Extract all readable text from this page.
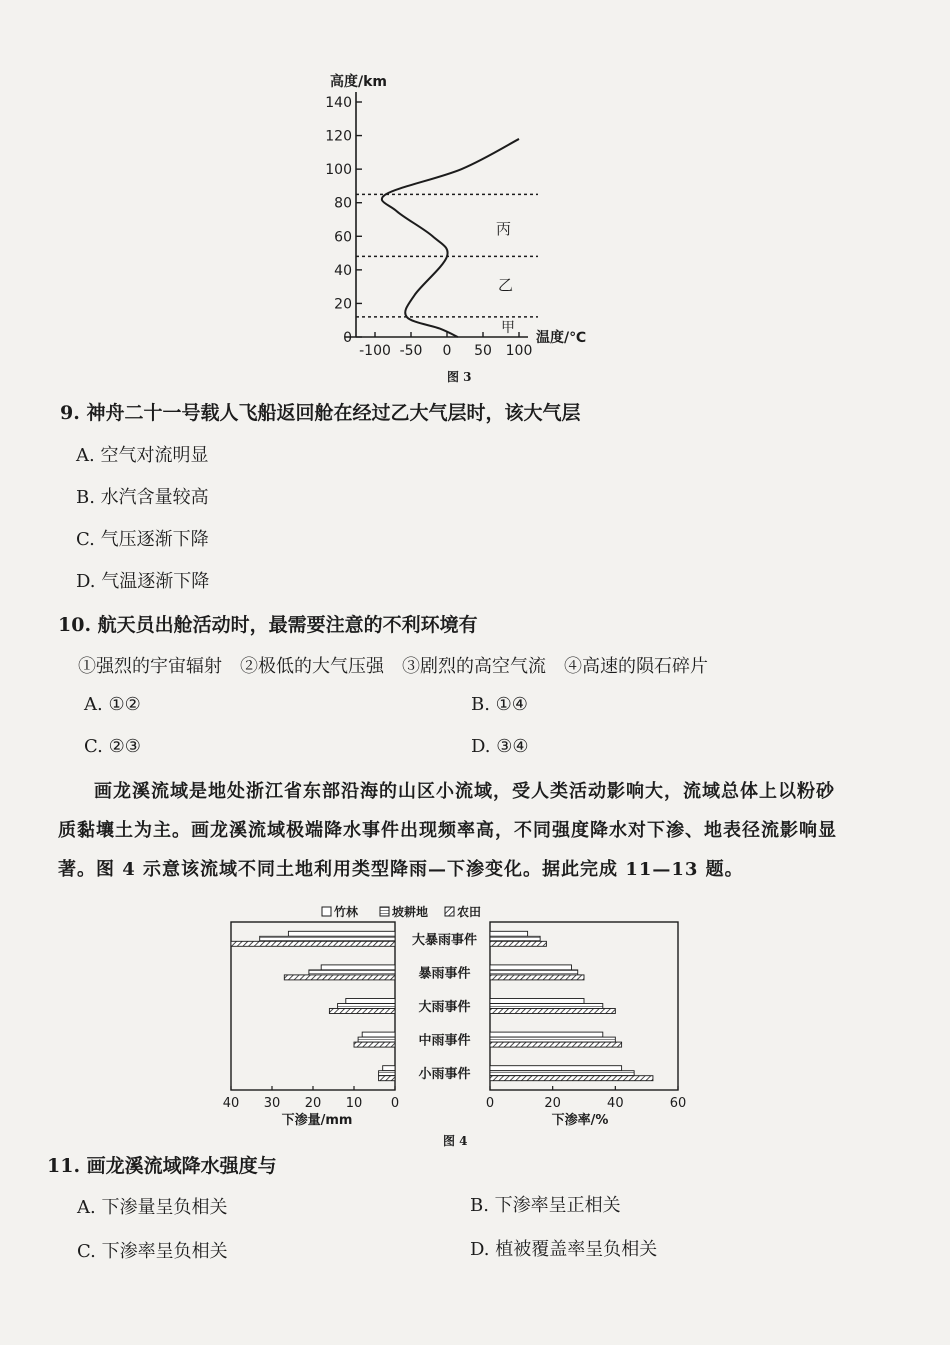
高度/km
140
120
100
80
60
40
20
0
-100 -50 0 50 100
丙
乙
甲
温度/℃
图 3
9. 神舟二十一号载人飞船返回舱在经过乙大气层时，该大气层
A. 空气对流明显
B. 水汽含量较高
C. 气压逐渐下降
D. 气温逐渐下降
10. 航天员出舱活动时，最需要注意的不利环境有
①强烈的宇宙辐射　②极低的大气压强　③剧烈的高空气流　④高速的陨石碎片
A. ①②	B. ①④
C. ②③	D. ③④
画龙溪流域是地处浙江省东部沿海的山区小流域，受人类活动影响大，流域总体上以粉砂
质黏壤土为主。画龙溪流域极端降水事件出现频率高，不同强度降水对下渗、地表径流影响显
著。图 4 示意该流域不同土地利用类型降雨—下渗变化。据此完成 11—13 题。
竹林	坡耕地 农田
大暴雨事件
暴雨事件
大雨事件
中雨事件
小雨事件
40 30 20 10 0	0	20	40	60
下渗量/mm	下渗率/%
图 4
11. 画龙溪流域降水强度与
A. 下渗量呈负相关	B. 下渗率呈正相关
C. 下渗率呈负相关	D. 植被覆盖率呈负相关
